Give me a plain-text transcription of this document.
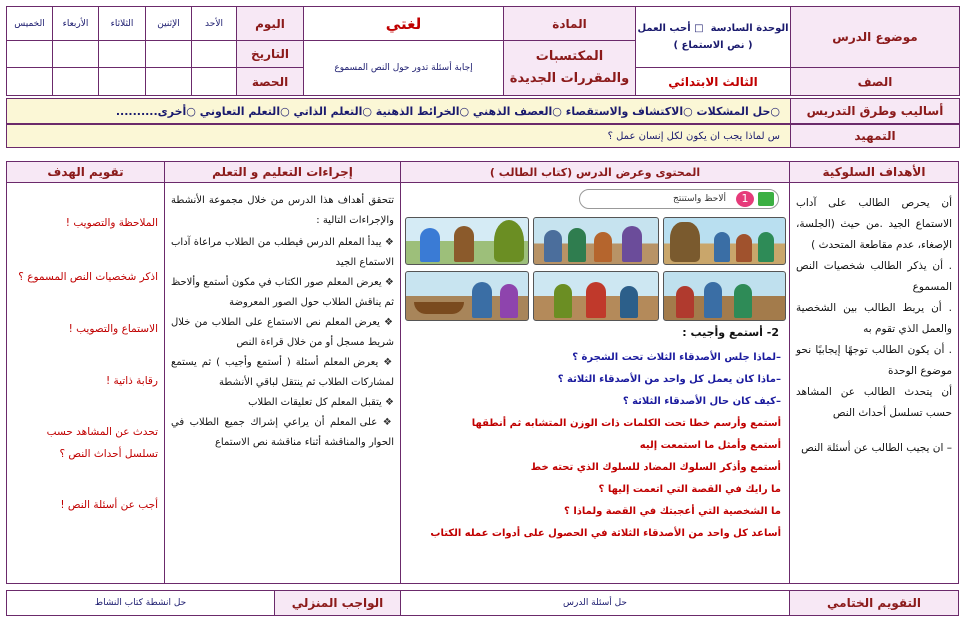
موضوع الدرس
الوحدة السادسة  □ أحب العمل
( نص الاستماع )
المادة
المكتسبات والمقررات الجديدة
لغتي
إجابة أسئلة تدور حول النص المسموع
اليوم
التاريخ
الحصة
الأحد
الإثنين
الثلاثاء
الأربعاء
الخميس
الصف
الثالث الابتدائي
أساليب وطرق التدريس
○حل المشكلات ○الاكتشاف والاستقصاء ○العصف الذهني ○الخرائط الذهنية ○التعلم الذاتي ○التعلم التعاوني ○أخرى..........
التمهيد
س لماذا يجب ان يكون لكل إنسان عمل ؟
الأهداف السلوكية
المحتوى وعرض الدرس (كتاب الطالب )
إجراءات التعليم و التعلم
تقويم الهدف

أن يحرص الطالب على آداب الاستماع الجيد .من حيث (الجلسة، الإصغاء، عدم مقاطعة المتحدث )

. أن يذكر الطالب شخصيات النص المسموع

. أن يربط الطالب بين الشخصية والعمل الذي تقوم به

. أن يكون الطالب توجهًا إيجابيًا نحو موضوع الوحدة

أن يتحدث الطالب عن المشاهد حسب تسلسل أحداث النص

– ان يجيب الطالب عن أسئلة النص

1
ألاحظ واستنتج
2- أستمع وأجيب :

–لماذا جلس الأصدقاء الثلاث تحت الشجرة ؟

–ماذا كان يعمل كل واحد من الأصدقاء الثلاثة ؟

–كيف كان حال الأصدقاء الثلاثة ؟

أستمع وأرسم خطا تحت الكلمات ذات الوزن المتشابه ثم أنطقها

أستمع وأمثل ما استمعت إليه

أستمع وأذكر السلوك المضاد للسلوك الذي تحته خط

ما رايك في القصة التي اتعمت إليها ؟

ما الشخصية التي أعجبتك في القصة ولماذا ؟

أساعد كل واحد من الأصدقاء الثلاثة في الحصول على أدوات عمله الكتاب

تتحقق أهداف هذا الدرس من خلال مجموعة الأنشطة والإجراءات التالية :

❖ يبدأ المعلم الدرس فيطلب من الطلاب مراعاة آداب الاستماع الجيد

❖ يعرض المعلم صور الكتاب في مكون أستمع وألاحظ ثم يناقش الطلاب حول الصور المعروضة

❖ يعرض المعلم نص الاستماع على الطلاب من خلال شريط مسجل أو من خلال قراءة النص

❖ يعرض المعلم أسئلة ( أستمع وأجيب ) ثم يستمع لمشاركات الطلاب ثم ينتقل لباقي الأنشطة

❖ يتقبل المعلم كل تعليقات الطلاب

❖ على المعلم أن يراعي إشراك جميع الطلاب في الحوار والمناقشة أثناء مناقشة نص الاستماع

الملاحظة والتصويب !

اذكر شخصيات النص المسموع ؟

الاستماع والتصويب !

رقابة ذاتية !

تحدث عن المشاهد حسب تسلسل أحداث النص ؟

أجب عن أسئلة النص !

التقويم الختامي
حل أسئلة الدرس
الواجب المنزلي
حل انشطة كتاب النشاط
